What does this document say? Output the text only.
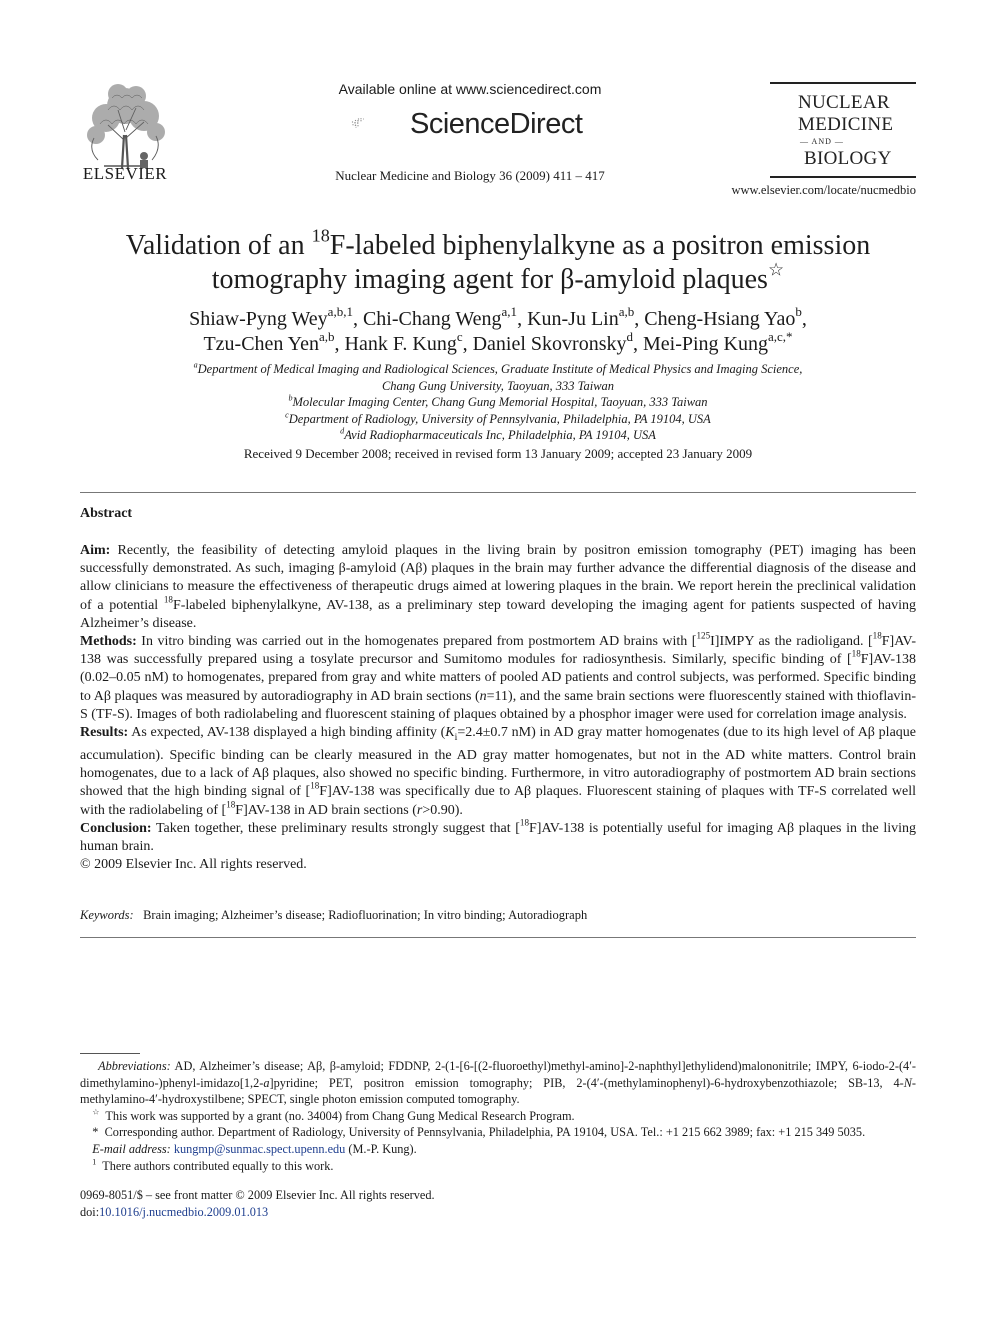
ELSEVIER
Available online at www.sciencedirect.com
ScienceDirect
Nuclear Medicine and Biology 36 (2009) 411 – 417
NUCLEAR
MEDICINE
— AND —
BIOLOGY
www.elsevier.com/locate/nucmedbio
Validation of an $^{18}$F-labeled biphenylalkyne as a positron emission
tomography imaging agent for β-amyloid plaques☆
Shiaw-Pyng Wey$^{a,b,1}$, Chi-Chang Weng$^{a,1}$, Kun-Ju Lin$^{a,b}$, Cheng-Hsiang Yao$^b$,
Tzu-Chen Yen$^{a,b}$, Hank F. Kung$^c$, Daniel Skovronsky$^d$, Mei-Ping Kung$^{a,c,*}$
$^a$Department of Medical Imaging and Radiological Sciences, Graduate Institute of Medical Physics and Imaging Science,
Chang Gung University, Taoyuan, 333 Taiwan
$^b$Molecular Imaging Center, Chang Gung Memorial Hospital, Taoyuan, 333 Taiwan
$^c$Department of Radiology, University of Pennsylvania, Philadelphia, PA 19104, USA
$^d$Avid Radiopharmaceuticals Inc, Philadelphia, PA 19104, USA
Received 9 December 2008; received in revised form 13 January 2009; accepted 23 January 2009
Abstract

Aim: Recently, the feasibility of detecting amyloid plaques in the living brain by positron emission tomography (PET) imaging has been successfully demonstrated. As such, imaging β-amyloid (Aβ) plaques in the brain may further advance the differential diagnosis of the disease and allow clinicians to measure the effectiveness of therapeutic drugs aimed at lowering plaques in the brain. We report herein the preclinical validation of a potential $^{18}$F-labeled biphenylalkyne, AV-138, as a preliminary step toward developing the imaging agent for patients suspected of having Alzheimer’s disease.

Methods: In vitro binding was carried out in the homogenates prepared from postmortem AD brains with [$^{125}$I]IMPY as the radioligand. [$^{18}$F]AV-138 was successfully prepared using a tosylate precursor and Sumitomo modules for radiosynthesis. Similarly, specific binding of [$^{18}$F]AV-138 (0.02–0.05 nM) to homogenates, prepared from gray and white matters of pooled AD patients and control subjects, was performed. Specific binding to Aβ plaques was measured by autoradiography in AD brain sections (n=11), and the same brain sections were fluorescently stained with thioflavin-S (TF-S). Images of both radiolabeling and fluorescent staining of plaques obtained by a phosphor imager were used for correlation image analysis.

Results: As expected, AV-138 displayed a high binding affinity ($K_i=2.4\pm 0.7$ nM) in AD gray matter homogenates (due to its high level of Aβ plaque accumulation). Specific binding can be clearly measured in the AD gray matter homogenates, but not in the AD white matters. Control brain homogenates, due to a lack of Aβ plaques, also showed no specific binding. Furthermore, in vitro autoradiography of postmortem AD brain sections showed that the high binding signal of [$^{18}$F]AV-138 was specifically due to Aβ plaques. Fluorescent staining of plaques with TF-S correlated well with the radiolabeling of [$^{18}$F]AV-138 in AD brain sections (r>0.90).

Conclusion: Taken together, these preliminary results strongly suggest that [$^{18}$F]AV-138 is potentially useful for imaging Aβ plaques in the living human brain.

© 2009 Elsevier Inc. All rights reserved.

Keywords: Brain imaging; Alzheimer’s disease; Radiofluorination; In vitro binding; Autoradiograph

Abbreviations: AD, Alzheimer’s disease; Aβ, β-amyloid; FDDNP, 2-(1-[6-[(2-fluoroethyl)methyl-amino]-2-naphthyl]ethylidend)malononitrile; IMPY, 6-iodo-2-(4′-dimethylamino-)phenyl-imidazo[1,2-a]pyridine; PET, positron emission tomography; PIB, 2-(4′-(methylaminophenyl)-6-hydroxybenzothiazole; SB-13, 4-N-methylamino-4′-hydroxystilbene; SPECT, single photon emission computed tomography.

☆ This work was supported by a grant (no. 34004) from Chang Gung Medical Research Program.

* Corresponding author. Department of Radiology, University of Pennsylvania, Philadelphia, PA 19104, USA. Tel.: +1 215 662 3989; fax: +1 215 349 5035.

E-mail address: kungmp@sunmac.spect.upenn.edu (M.-P. Kung).

$^1$ There authors contributed equally to this work.

0969-8051/$ – see front matter © 2009 Elsevier Inc. All rights reserved.

doi:10.1016/j.nucmedbio.2009.01.013
